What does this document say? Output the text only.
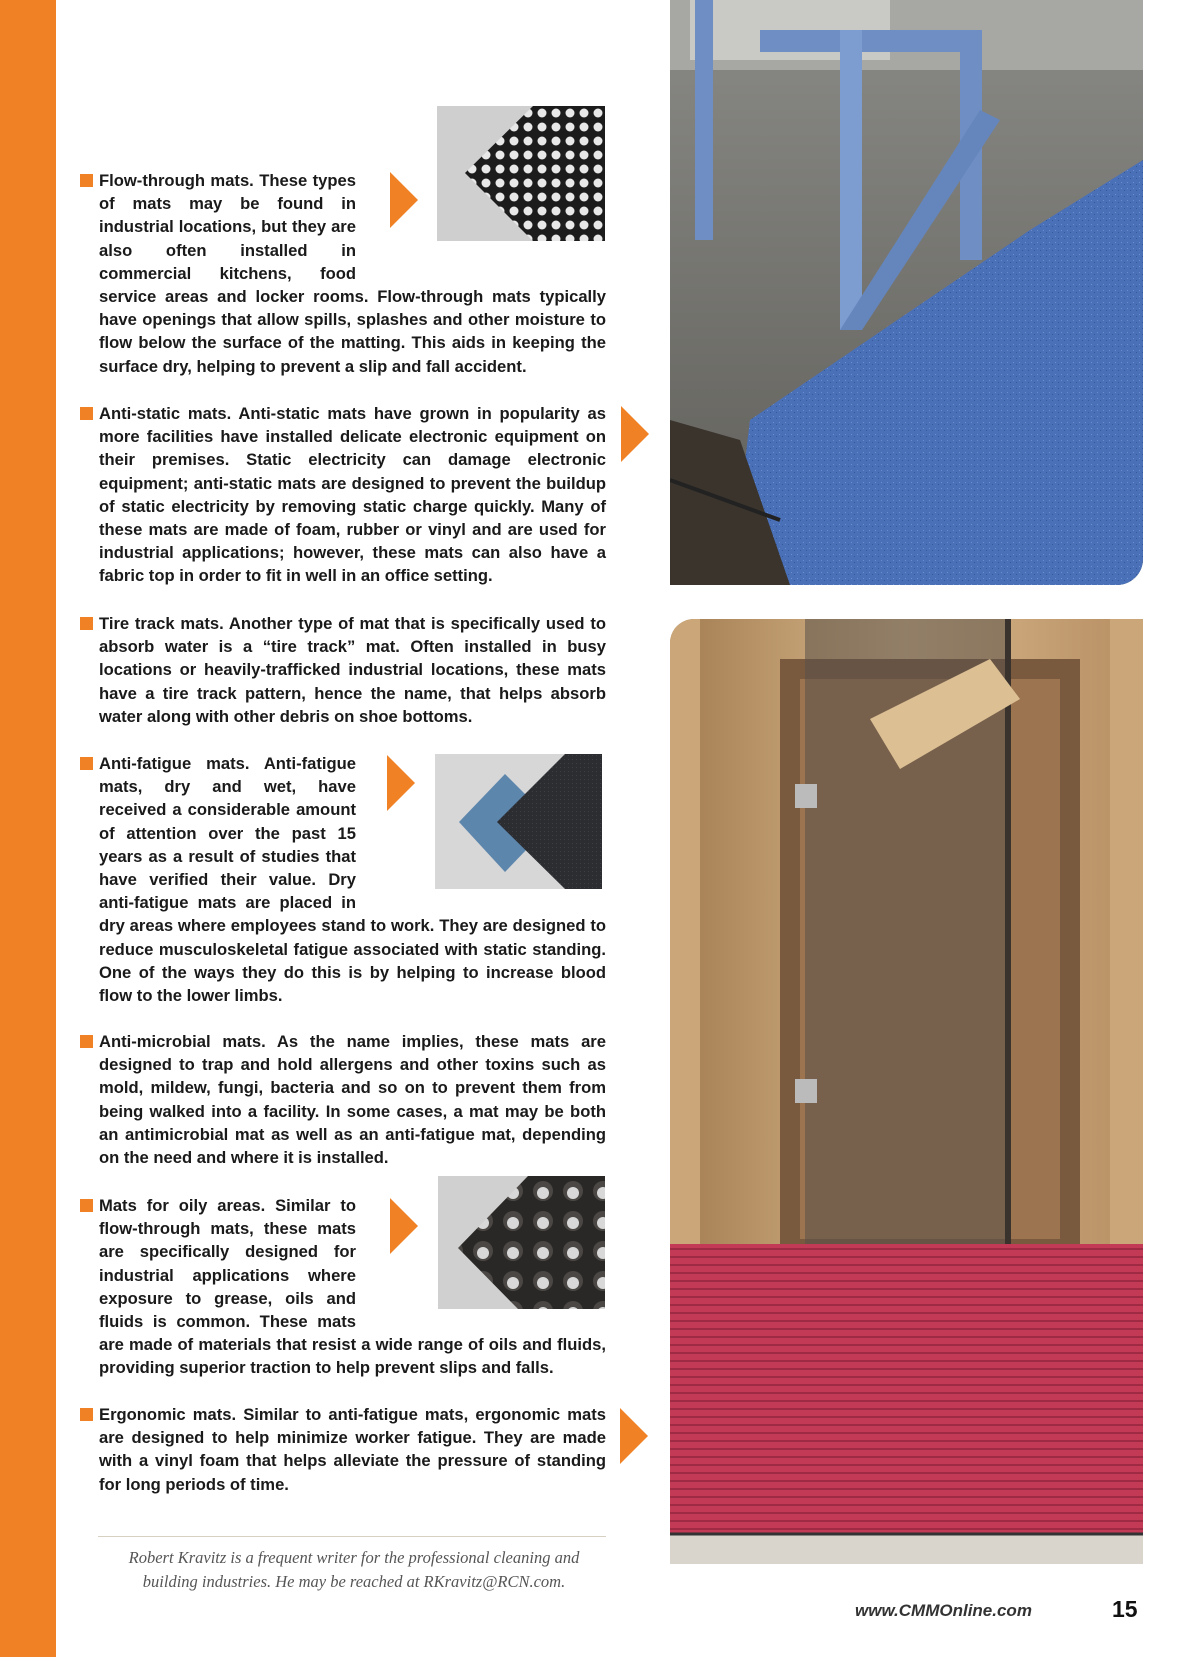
Flow-through mats. These types of mats may be found in industrial locations, but they are also often installed in commercial kitchens, food service areas and locker rooms. Flow-through mats typically have openings that allow spills, splashes and other moisture to flow below the surface of the matting. This aids in keeping the surface dry, helping to prevent a slip and fall accident.
Anti-static mats. Anti-static mats have grown in popularity as more facilities have installed delicate electronic equipment on their premises. Static electricity can damage electronic equipment; anti-static mats are designed to prevent the buildup of static electricity by removing static charge quickly. Many of these mats are made of foam, rubber or vinyl and are used for industrial applications; however, these mats can also have a fabric top in order to fit in well in an office setting.
Tire track mats. Another type of mat that is specifically used to absorb water is a “tire track” mat. Often installed in busy locations or heavily-trafficked industrial locations, these mats have a tire track pattern, hence the name, that helps absorb water along with other debris on shoe bottoms.
Anti-fatigue mats. Anti-fatigue mats, dry and wet, have received a considerable amount of attention over the past 15 years as a result of studies that have verified their value. Dry anti-fatigue mats are placed in dry areas where employees stand to work. They are designed to reduce musculoskeletal fatigue associated with static standing. One of the ways they do this is by helping to increase blood flow to the lower limbs.
Anti-microbial mats. As the name implies, these mats are designed to trap and hold allergens and other toxins such as mold, mildew, fungi, bacteria and so on to prevent them from being walked into a facility. In some cases, a mat may be both an antimicrobial mat as well as an anti-fatigue mat, depending on the need and where it is installed.
Mats for oily areas. Similar to flow-through mats, these mats are specifically designed for industrial applications where exposure to grease, oils and fluids is common. These mats are made of materials that resist a wide range of oils and fluids, providing superior traction to help prevent slips and falls.
Ergonomic mats. Similar to anti-fatigue mats, ergonomic mats are designed to help minimize worker fatigue. They are made with a vinyl foam that helps alleviate the pressure of standing for long periods of time.
Robert Kravitz is a frequent writer for the professional cleaning and building industries. He may be reached at RKravitz@RCN.com.
www.CMMOnline.com	15
